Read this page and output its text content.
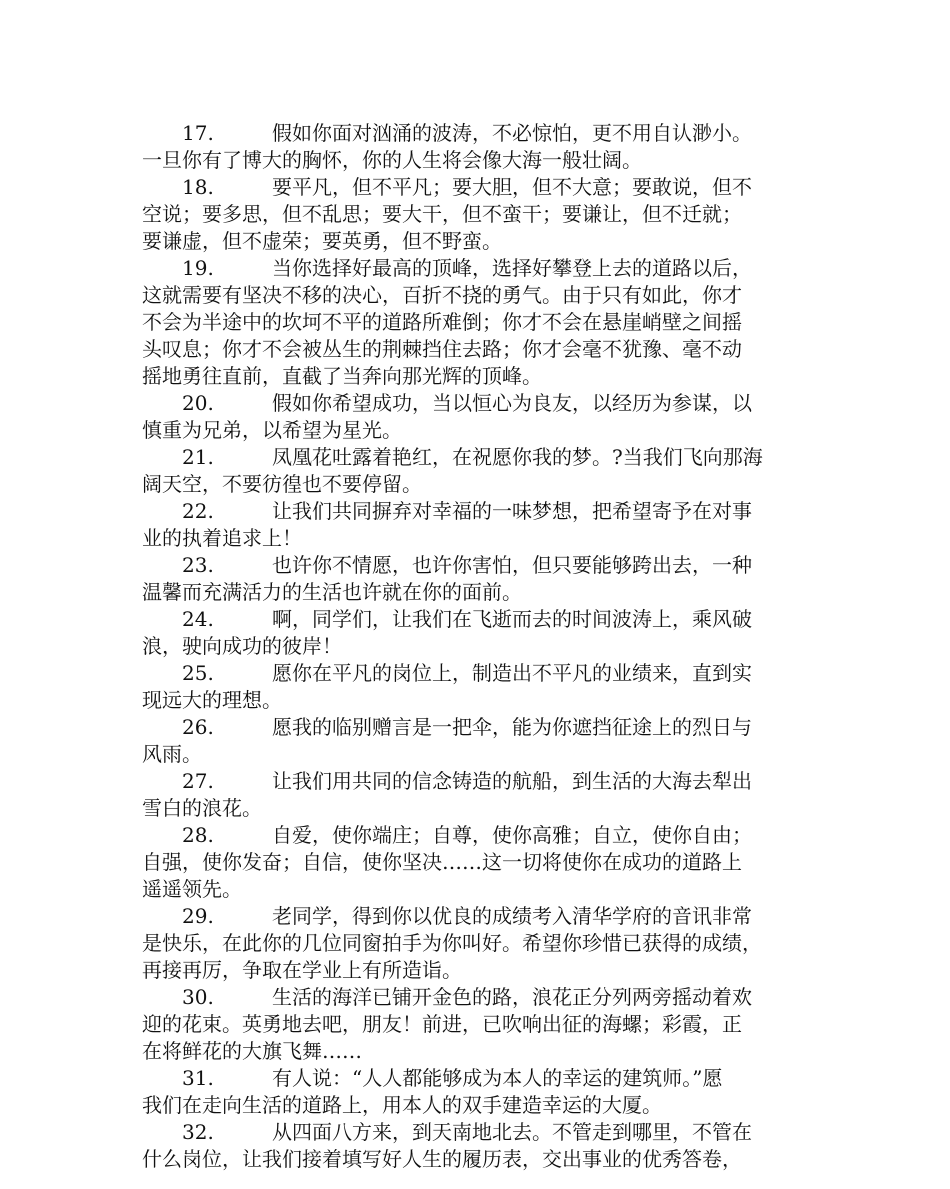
17.	假如你面对汹涌的波涛，不必惊怕，更不用自认渺小。
一旦你有了博大的胸怀，你的人生将会像大海一般壮阔。
18.	要平凡，但不平凡；要大胆，但不大意；要敢说，但不
空说；要多思，但不乱思；要大干，但不蛮干；要谦让，但不迁就；
要谦虚，但不虚荣；要英勇，但不野蛮。
19.	当你选择好最高的顶峰，选择好攀登上去的道路以后，
这就需要有坚决不移的决心，百折不挠的勇气。由于只有如此，你才
不会为半途中的坎坷不平的道路所难倒；你才不会在悬崖峭壁之间摇
头叹息；你才不会被丛生的荆棘挡住去路；你才会毫不犹豫、毫不动
摇地勇往直前，直截了当奔向那光辉的顶峰。
20.	假如你希望成功，当以恒心为良友，以经历为参谋，以
慎重为兄弟，以希望为星光。
21.	凤凰花吐露着艳红，在祝愿你我的梦。?当我们飞向那海
阔天空，不要彷徨也不要停留。
22.	让我们共同摒弃对幸福的一味梦想，把希望寄予在对事
业的执着追求上！
23.	也许你不情愿，也许你害怕，但只要能够跨出去，一种
温馨而充满活力的生活也许就在你的面前。
24.	啊，同学们，让我们在飞逝而去的时间波涛上，乘风破
浪，驶向成功的彼岸！
25.	愿你在平凡的岗位上，制造出不平凡的业绩来，直到实
现远大的理想。
26.	愿我的临别赠言是一把伞，能为你遮挡征途上的烈日与
风雨。
27.	让我们用共同的信念铸造的航船，到生活的大海去犁出
雪白的浪花。
28.	自爱，使你端庄；自尊，使你高雅；自立，使你自由；
自强，使你发奋；自信，使你坚决……这一切将使你在成功的道路上
遥遥领先。
29.	老同学，得到你以优良的成绩考入清华学府的音讯非常
是快乐，在此你的几位同窗拍手为你叫好。希望你珍惜已获得的成绩，
再接再厉，争取在学业上有所造诣。
30.	生活的海洋已铺开金色的路，浪花正分列两旁摇动着欢
迎的花束。英勇地去吧，朋友！前进，已吹响出征的海螺；彩霞，正
在将鲜花的大旗飞舞……
31.	有人说：“人人都能够成为本人的幸运的建筑师。”愿
我们在走向生活的道路上，用本人的双手建造幸运的大厦。
32.	从四面八方来，到天南地北去。不管走到哪里，不管在
什么岗位，让我们接着填写好人生的履历表，交出事业的优秀答卷，
